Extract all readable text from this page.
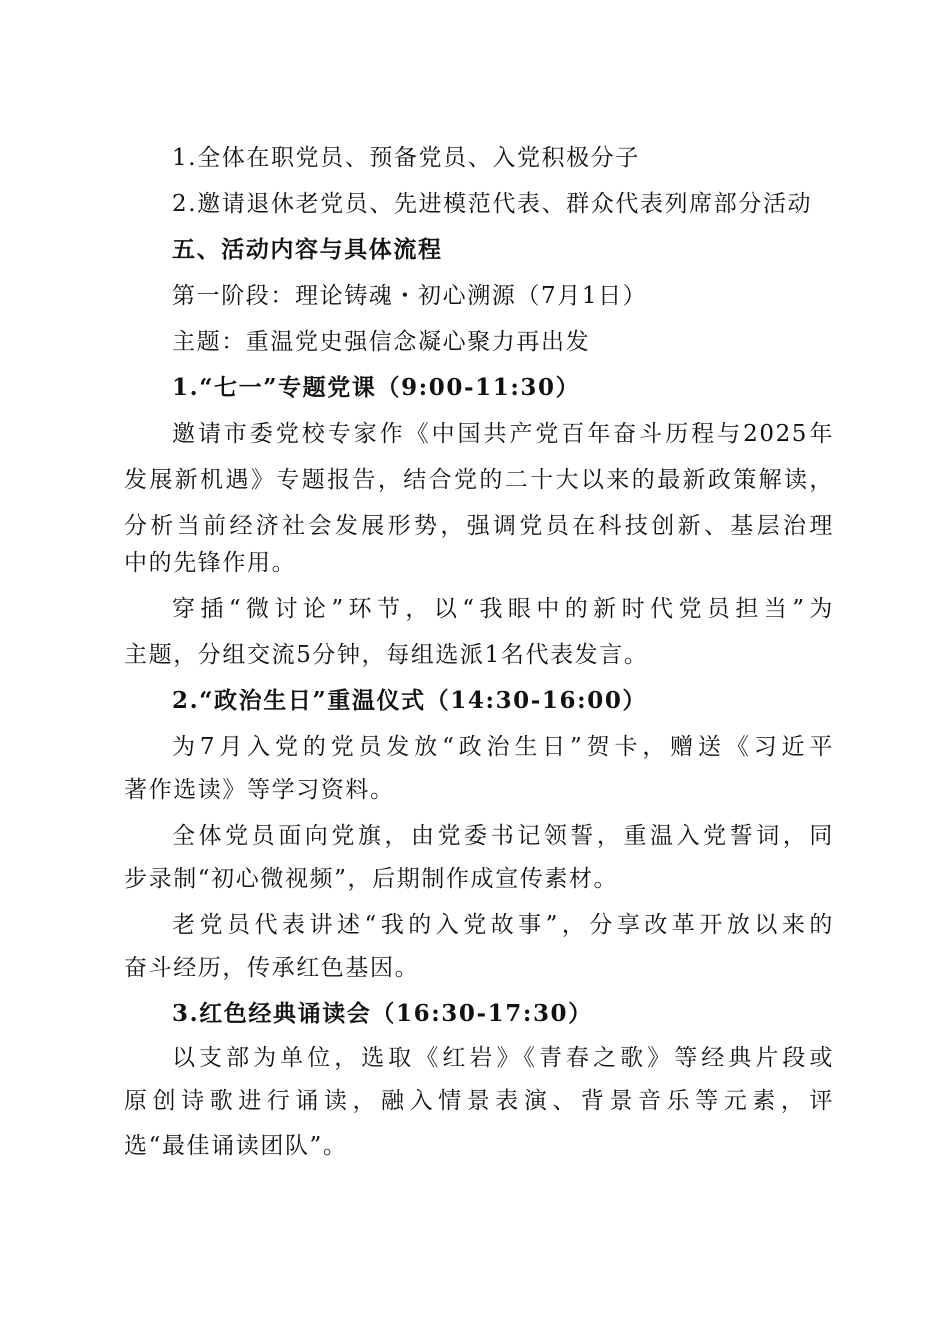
1.全体在职党员、预备党员、入党积极分子
2.邀请退休老党员、先进模范代表、群众代表列席部分活动
五、活动内容与具体流程
第一阶段：理论铸魂・初心溯源（7月1日）
主题：重温党史强信念凝心聚力再出发
1.“七一”专题党课（9:00-11:30）
邀请市委党校专家作《中国共产党百年奋斗历程与2025年
发展新机遇》专题报告，结合党的二十大以来的最新政策解读，
分析当前经济社会发展形势，强调党员在科技创新、基层治理
中的先锋作用。
穿插“微讨论”环节，以“我眼中的新时代党员担当”为
主题，分组交流5分钟，每组选派1名代表发言。
2.“政治生日”重温仪式（14:30-16:00）
为7月入党的党员发放“政治生日”贺卡，赠送《习近平
著作选读》等学习资料。
全体党员面向党旗，由党委书记领誓，重温入党誓词，同
步录制“初心微视频”，后期制作成宣传素材。
老党员代表讲述“我的入党故事”，分享改革开放以来的
奋斗经历，传承红色基因。
3.红色经典诵读会（16:30-17:30）
以支部为单位，选取《红岩》《青春之歌》等经典片段或
原创诗歌进行诵读，融入情景表演、背景音乐等元素，评
选“最佳诵读团队”。
